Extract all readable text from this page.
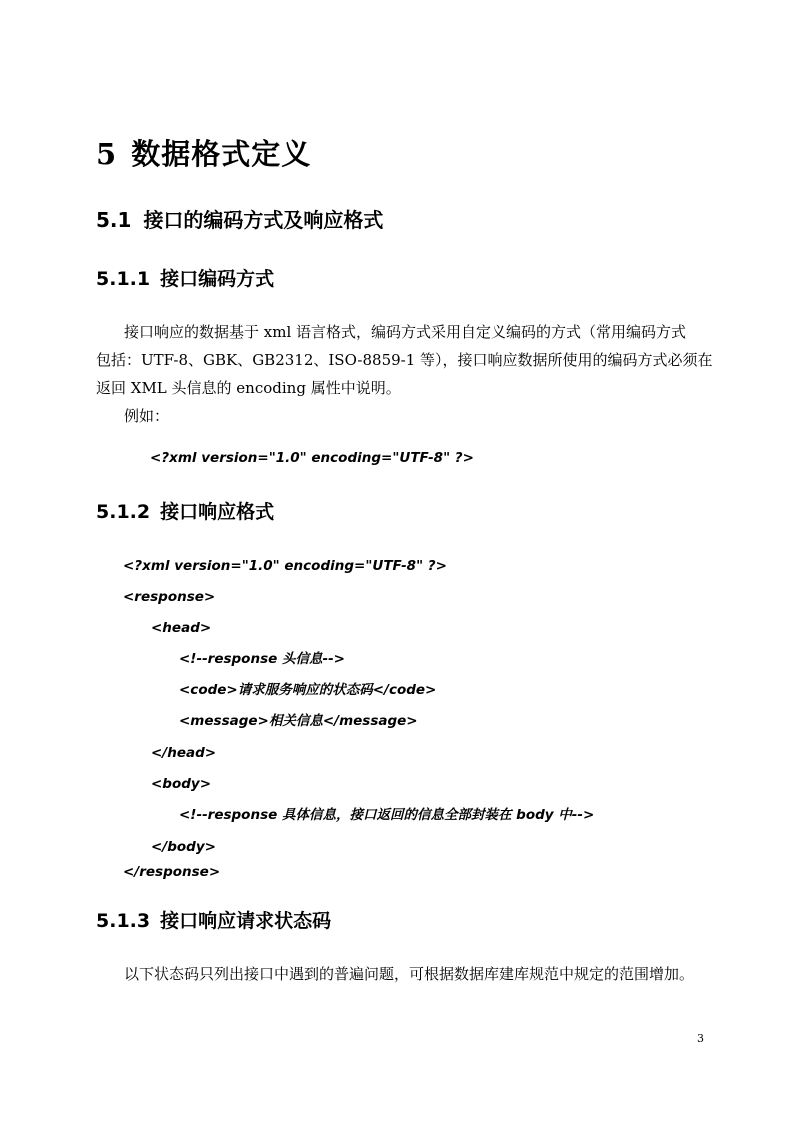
5 数据格式定义
5.1 接口的编码方式及响应格式
5.1.1 接口编码方式
接口响应的数据基于 xml 语言格式，编码方式采用自定义编码的方式（常用编码方式
包括：UTF-8、GBK、GB2312、ISO-8859-1 等），接口响应数据所使用的编码方式必须在
返回 XML 头信息的 encoding 属性中说明。
例如：
<?xml version="1.0" encoding="UTF-8" ?>
5.1.2 接口响应格式
<?xml version="1.0" encoding="UTF-8" ?>
<response>
<head>
<!--response 头信息-->
<code>请求服务响应的状态码</code>
<message>相关信息</message>
</head>
<body>
<!--response 具体信息，接口返回的信息全部封装在 body 中-->
</body>
</response>
5.1.3 接口响应请求状态码
以下状态码只列出接口中遇到的普遍问题，可根据数据库建库规范中规定的范围增加。
3
